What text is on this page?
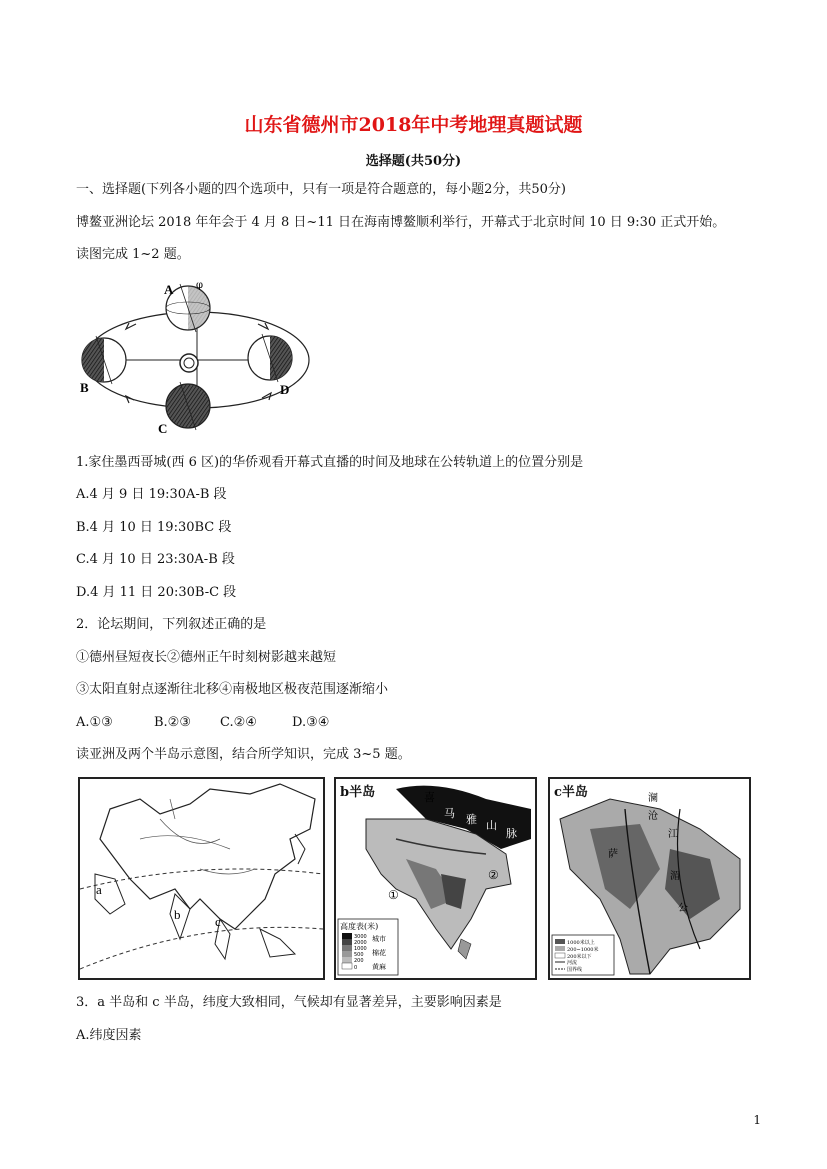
山东省德州市2018年中考地理真题试题
选择题(共50分)
一、选择题(下列各小题的四个选项中，只有一项是符合题意的，每小题2分，共50分)
博鳌亚洲论坛 2018 年年会于 4 月 8 日~11 日在海南博鳌顺利举行，开幕式于北京时间 10 日 9:30 正式开始。
读图完成 1~2 题。
A
B
C
D
φ
1.家住墨西哥城(西 6 区)的华侨观看开幕式直播的时间及地球在公转轨道上的位置分别是
A.4 月 9 日 19:30A-B 段
B.4 月 10 日 19:30BC 段
C.4 月 10 日 23:30A-B 段
D.4 月 11 日 20:30B-C 段
2．论坛期间，下列叙述正确的是
①德州昼短夜长②德州正午时刻树影越来越短
③太阳直射点逐渐往北移④南极地区极夜范围逐渐缩小
A.①③	B.②③ C.②④	D.③④
读亚洲及两个半岛示意图，结合所学知识，完成 3~5 题。
a
b	c
喜
马 雅 山
脉
①
②
高度表(米)
3000
2000
1000
500
200
0
城市
棉花
黄麻
b半岛	澜
沧
江
萨
湄
公
1000米以上
200~1000米
200米以下
河流
国界线
c半岛
3．a 半岛和 c 半岛，纬度大致相同，气候却有显著差异，主要影响因素是
A.纬度因素
1
